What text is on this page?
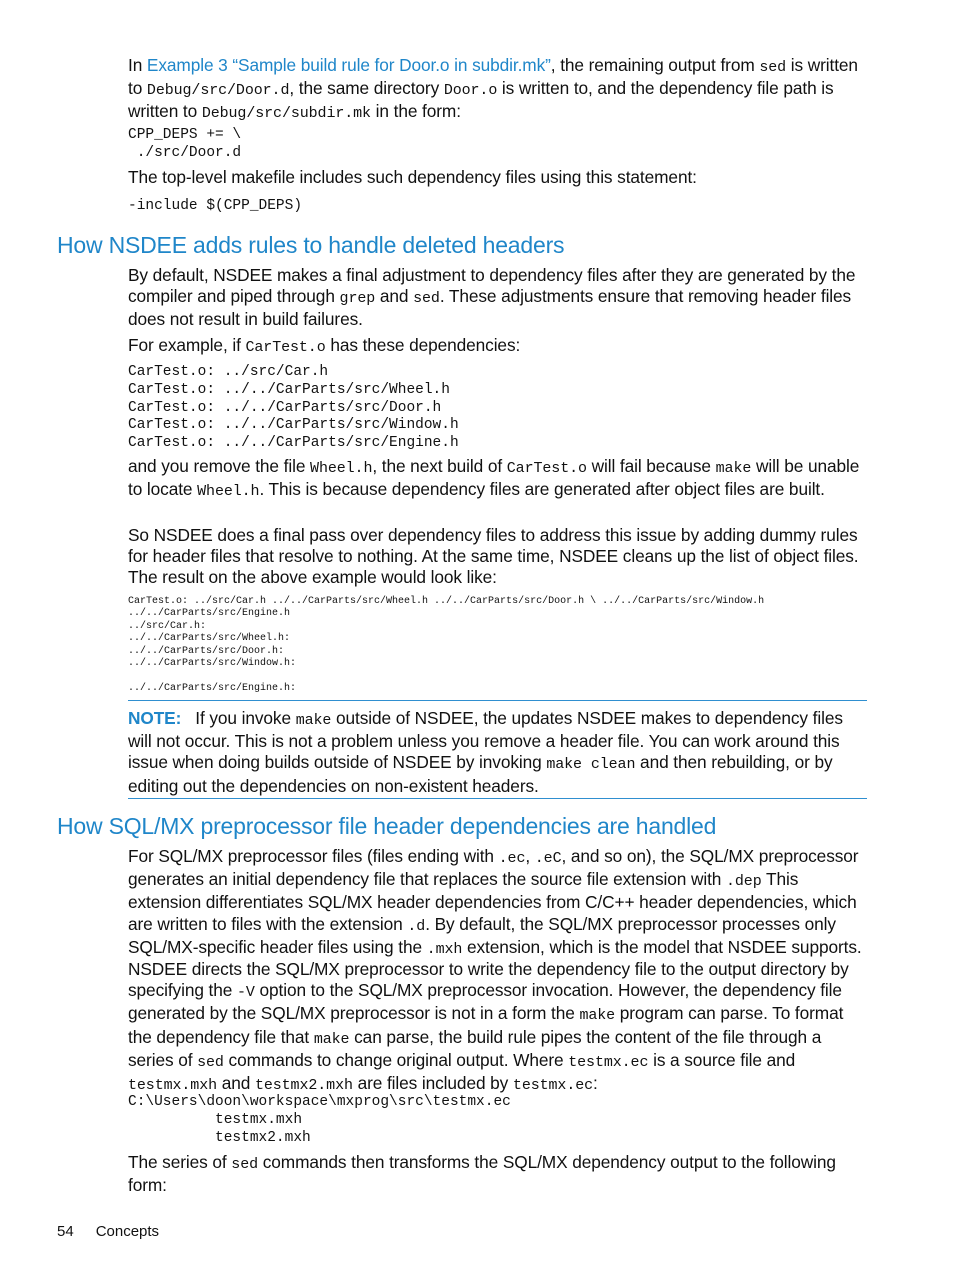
In Example 3 “Sample build rule for Door.o in subdir.mk”, the remaining output from sed is written to Debug/src/Door.d, the same directory Door.o is written to, and the dependency file path is written to Debug/src/subdir.mk in the form:

CPP_DEPS += \
./src/Door.d

The top-level makefile includes such dependency files using this statement:

-include $(CPP_DEPS)
How NSDEE adds rules to handle deleted headers

By default, NSDEE makes a final adjustment to dependency files after they are generated by the compiler and piped through grep and sed. These adjustments ensure that removing header files does not result in build failures.

For example, if CarTest.o has these dependencies:

CarTest.o: ../src/Car.h
CarTest.o: ../../CarParts/src/Wheel.h
CarTest.o: ../../CarParts/src/Door.h
CarTest.o: ../../CarParts/src/Window.h
CarTest.o: ../../CarParts/src/Engine.h

and you remove the file Wheel.h, the next build of CarTest.o will fail because make will be unable to locate Wheel.h. This is because dependency files are generated after object files are built.

So NSDEE does a final pass over dependency files to address this issue by adding dummy rules for header files that resolve to nothing. At the same time, NSDEE cleans up the list of object files. The result on the above example would look like:

CarTest.o: ../src/Car.h ../../CarParts/src/Wheel.h ../../CarParts/src/Door.h \ ../../CarParts/src/Window.h
../../CarParts/src/Engine.h
../src/Car.h:
../../CarParts/src/Wheel.h:
../../CarParts/src/Door.h:
../../CarParts/src/Window.h:

../../CarParts/src/Engine.h:

NOTE: If you invoke make outside of NSDEE, the updates NSDEE makes to dependency files will not occur. This is not a problem unless you remove a header file. You can work around this issue when doing builds outside of NSDEE by invoking make clean and then rebuilding, or by editing out the dependencies on non-existent headers.

How SQL/MX preprocessor file header dependencies are handled

For SQL/MX preprocessor files (files ending with .ec, .eC, and so on), the SQL/MX preprocessor generates an initial dependency file that replaces the source file extension with .dep This extension differentiates SQL/MX header dependencies from C/C++ header dependencies, which are written to files with the extension .d. By default, the SQL/MX preprocessor processes only SQL/MX-specific header files using the .mxh extension, which is the model that NSDEE supports.

NSDEE directs the SQL/MX preprocessor to write the dependency file to the output directory by specifying the -V option to the SQL/MX preprocessor invocation. However, the dependency file generated by the SQL/MX preprocessor is not in a form the make program can parse. To format the dependency file that make can parse, the build rule pipes the content of the file through a series of sed commands to change original output. Where testmx.ec is a source file and testmx.mxh and testmx2.mxh are files included by testmx.ec:

C:\Users\doon\workspace\mxprog\src\testmx.ec
testmx.mxh
testmx2.mxh

The series of sed commands then transforms the SQL/MX dependency output to the following form:

54 Concepts
